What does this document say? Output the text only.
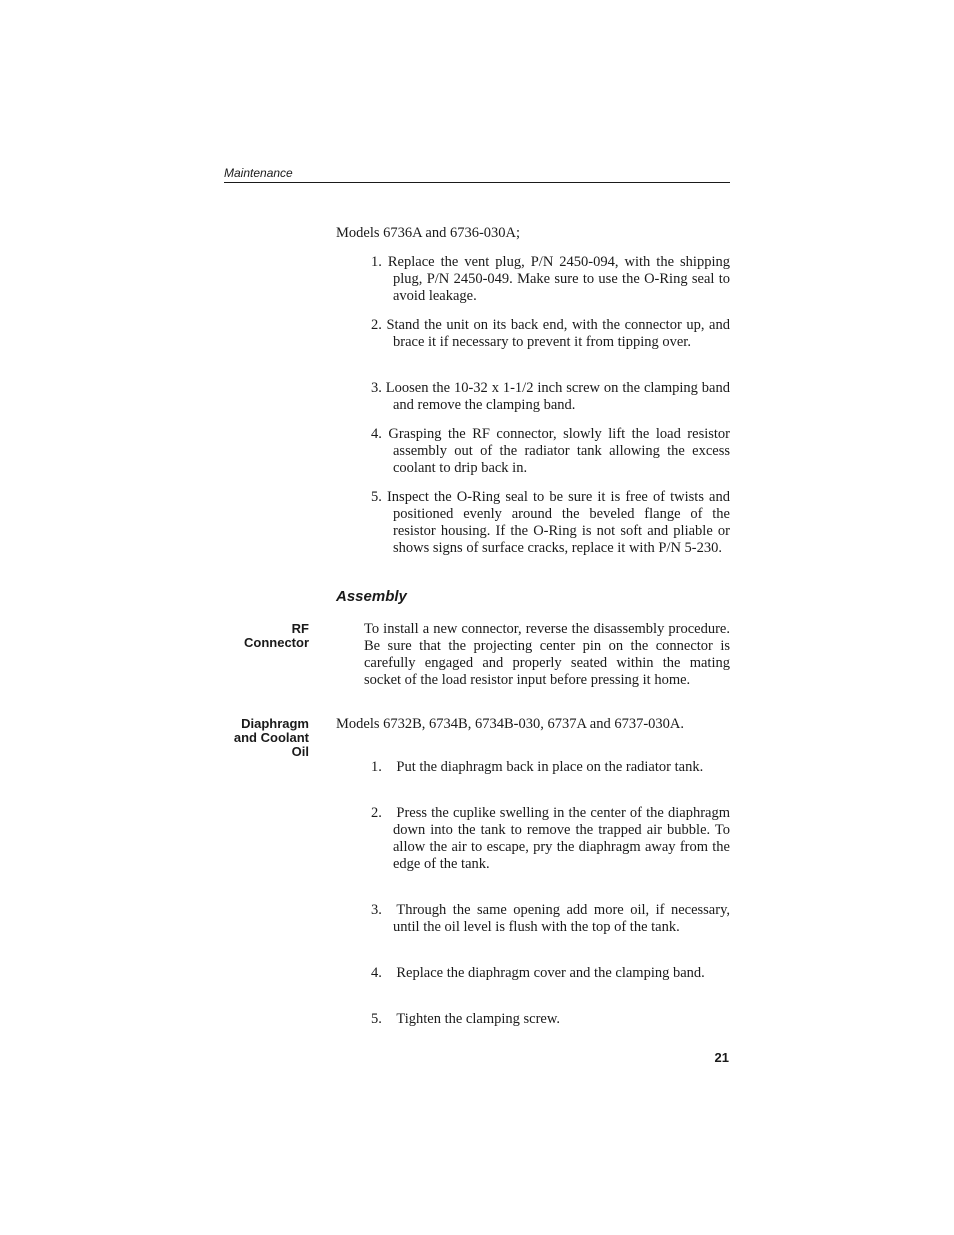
Maintenance
Models 6736A and 6736-030A;
1. Replace the vent plug, P/N 2450-094, with the shipping plug, P/N 2450-049. Make sure to use the O-Ring seal to avoid leakage.
2. Stand the unit on its back end, with the connector up, and brace it if necessary to prevent it from tipping over.
3. Loosen the 10-32 x 1-1/2 inch screw on the clamping band and remove the clamping band.
4. Grasping the RF connector, slowly lift the load resistor assembly out of the radiator tank allowing the excess coolant to drip back in.
5. Inspect the O-Ring seal to be sure it is free of twists and positioned evenly around the beveled flange of the resistor housing. If the O-Ring is not soft and pliable or shows signs of surface cracks, replace it with P/N 5-230.
Assembly
RF
Connector
To install a new connector, reverse the disassembly procedure. Be sure that the projecting center pin on the connector is carefully engaged and properly seated within the mating socket of the load resistor input before pressing it home.
Diaphragm
and Coolant
Oil
Models 6732B, 6734B, 6734B-030, 6737A and 6737-030A.
1. Put the diaphragm back in place on the radiator tank.
2. Press the cuplike swelling in the center of the diaphragm down into the tank to remove the trapped air bubble. To allow the air to escape, pry the diaphragm away from the edge of the tank.
3. Through the same opening add more oil, if necessary, until the oil level is flush with the top of the tank.
4. Replace the diaphragm cover and the clamping band.
5. Tighten the clamping screw.
21
